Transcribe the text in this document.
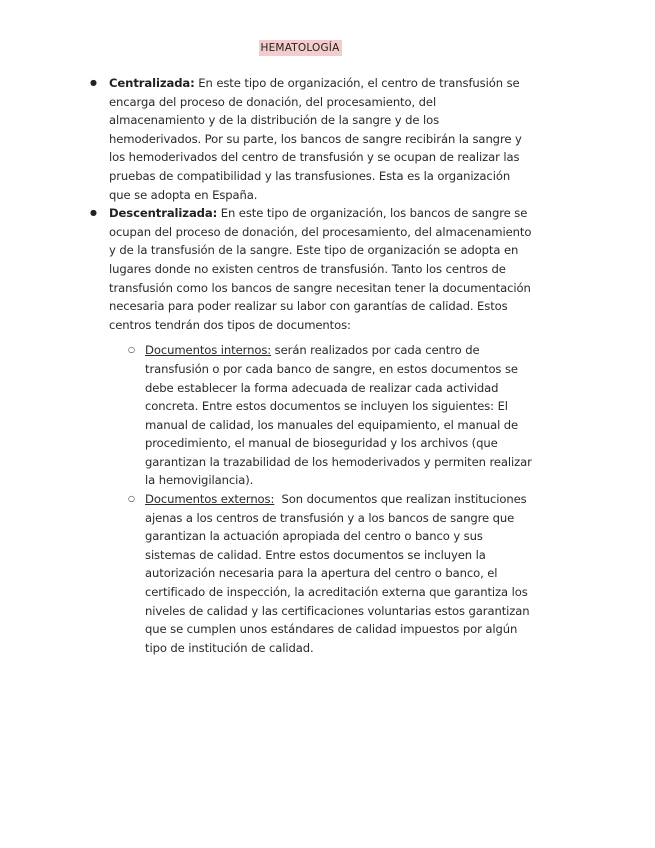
HEMATOLOGÍA
● Centralizada: En este tipo de organización, el centro de transfusión se encarga del proceso de donación, del procesamiento, del almacenamiento y de la distribución de la sangre y de los hemoderivados. Por su parte, los bancos de sangre recibirán la sangre y los hemoderivados del centro de transfusión y se ocupan de realizar las pruebas de compatibilidad y las transfusiones. Esta es la organización que se adopta en España.
● Descentralizada: En este tipo de organización, los bancos de sangre se ocupan del proceso de donación, del procesamiento, del almacenamiento y de la transfusión de la sangre. Este tipo de organización se adopta en lugares donde no existen centros de transfusión. Tanto los centros de transfusión como los bancos de sangre necesitan tener la documentación necesaria para poder realizar su labor con garantías de calidad. Estos centros tendrán dos tipos de documentos:
○ Documentos internos: serán realizados por cada centro de transfusión o por cada banco de sangre, en estos documentos se debe establecer la forma adecuada de realizar cada actividad concreta. Entre estos documentos se incluyen los siguientes: El manual de calidad, los manuales del equipamiento, el manual de procedimiento, el manual de bioseguridad y los archivos (que garantizan la trazabilidad de los hemoderivados y permiten realizar la hemovigilancia).
○ Documentos externos:  Son documentos que realizan instituciones ajenas a los centros de transfusión y a los bancos de sangre que garantizan la actuación apropiada del centro o banco y sus sistemas de calidad. Entre estos documentos se incluyen la autorización necesaria para la apertura del centro o banco, el certificado de inspección, la acreditación externa que garantiza los niveles de calidad y las certificaciones voluntarias estos garantizan que se cumplen unos estándares de calidad impuestos por algún tipo de institución de calidad.
